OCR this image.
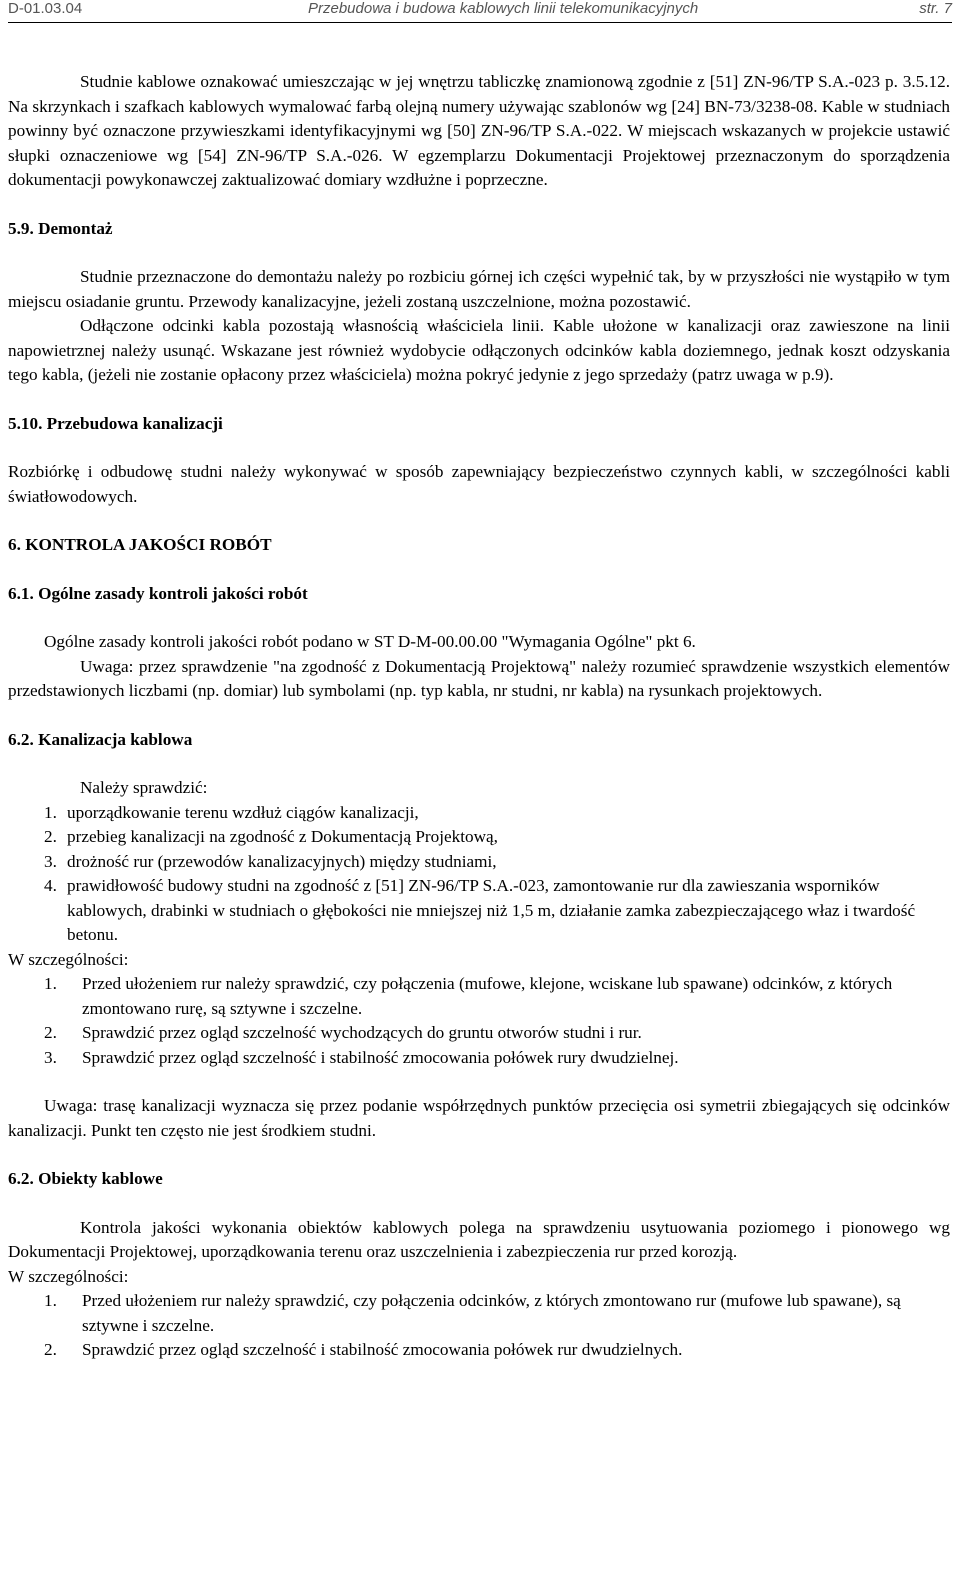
D-01.03.04	Przebudowa i budowa kablowych linii telekomunikacyjnych	str. 7

Studnie kablowe oznakować umieszczając w jej wnętrzu tabliczkę znamionową zgodnie z [51] ZN-96/TP S.A.-023 p. 3.5.12. Na skrzynkach i szafkach kablowych wymalować farbą olejną numery używając szablonów wg [24] BN-73/3238-08. Kable w studniach powinny być oznaczone przywieszkami identyfikacyjnymi wg [50] ZN-96/TP S.A.-022. W miejscach wskazanych w projekcie ustawić słupki oznaczeniowe wg [54] ZN-96/TP S.A.-026. W egzemplarzu Dokumentacji Projektowej przeznaczonym do sporządzenia dokumentacji powykonawczej zaktualizować domiary wzdłużne i poprzeczne.

5.9. Demontaż

Studnie przeznaczone do demontażu należy po rozbiciu górnej ich części wypełnić tak, by w przyszłości nie wystąpiło w tym miejscu osiadanie gruntu. Przewody kanalizacyjne, jeżeli zostaną uszczelnione, można pozostawić.

Odłączone odcinki kabla pozostają własnością właściciela linii. Kable ułożone w kanalizacji oraz zawieszone na linii napowietrznej należy usunąć. Wskazane jest również wydobycie odłączonych odcinków kabla doziemnego, jednak koszt odzyskania tego kabla, (jeżeli nie zostanie opłacony przez właściciela) można pokryć jedynie z jego sprzedaży (patrz uwaga w p.9).

5.10. Przebudowa kanalizacji

Rozbiórkę i odbudowę studni należy wykonywać w sposób zapewniający bezpieczeństwo czynnych kabli, w szczególności kabli światłowodowych.

6. KONTROLA JAKOŚCI ROBÓT

6.1. Ogólne zasady kontroli jakości robót

Ogólne zasady kontroli jakości robót podano w ST D-M-00.00.00 "Wymagania Ogólne" pkt 6.

Uwaga: przez sprawdzenie "na zgodność z Dokumentacją Projektową" należy rozumieć sprawdzenie wszystkich elementów przedstawionych liczbami (np. domiar) lub symbolami (np. typ kabla, nr studni, nr kabla) na rysunkach projektowych.

6.2. Kanalizacja kablowa

Należy sprawdzić:

1. uporządkowanie terenu wzdłuż ciągów kanalizacji,
2. przebieg kanalizacji na zgodność z Dokumentacją Projektową,
3. drożność rur (przewodów kanalizacyjnych) między studniami,
4. prawidłowość budowy studni na zgodność z [51] ZN-96/TP S.A.-023, zamontowanie rur dla zawieszania wsporników kablowych, drabinki w studniach o głębokości nie mniejszej niż 1,5 m, działanie zamka zabezpieczającego właz i twardość betonu.

W szczególności:

1.	Przed ułożeniem rur należy sprawdzić, czy połączenia (mufowe, klejone, wciskane lub spawane) odcinków, z których zmontowano rurę, są sztywne i szczelne.
2.	Sprawdzić przez ogląd szczelność wychodzących do gruntu otworów studni i rur.
3.	Sprawdzić przez ogląd szczelność i stabilność zmocowania połówek rury dwudzielnej.

Uwaga: trasę kanalizacji wyznacza się przez podanie współrzędnych punktów przecięcia osi symetrii zbiegających się odcinków kanalizacji. Punkt ten często nie jest środkiem studni.

6.2. Obiekty kablowe

Kontrola jakości wykonania obiektów kablowych polega na sprawdzeniu usytuowania poziomego i pionowego wg Dokumentacji Projektowej, uporządkowania terenu oraz uszczelnienia i zabezpieczenia rur przed korozją.

W szczególności:

1.	Przed ułożeniem rur należy sprawdzić, czy połączenia odcinków, z których zmontowano rur (mufowe lub spawane), są sztywne i szczelne.
2.	Sprawdzić przez ogląd szczelność i stabilność zmocowania połówek rur dwudzielnych.
